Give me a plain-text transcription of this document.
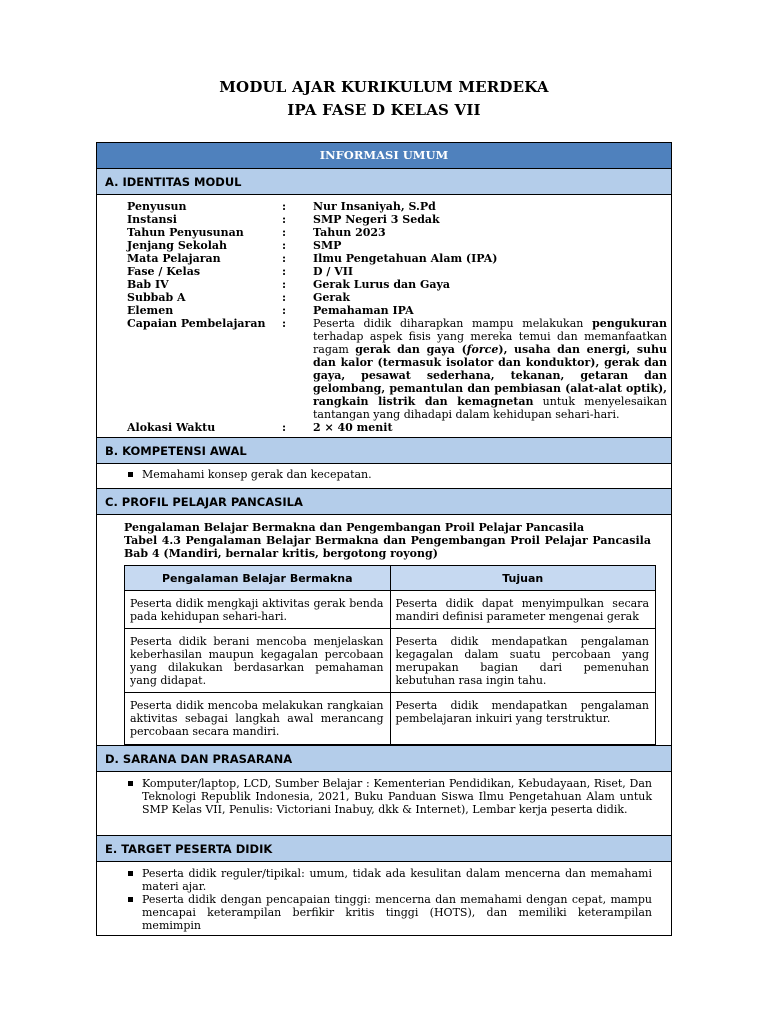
MODUL AJAR KURIKULUM MERDEKA
IPA FASE D KELAS VII
INFORMASI UMUM
A. IDENTITAS MODUL
Penyusun	: Nur Insaniyah, S.Pd
Instansi	: SMP Negeri 3 Sedak
Tahun Penyusunan	: Tahun 2023
Jenjang Sekolah	: SMP
Mata Pelajaran	: Ilmu Pengetahuan Alam (IPA)
Fase / Kelas	: D / VII
Bab IV	: Gerak Lurus dan Gaya
Subbab A	: Gerak
Elemen	: Pemahaman IPA
Capaian Pembelajaran : Peserta didik diharapkan mampu melakukan pengukuran terhadap aspek fisis yang mereka temui dan memanfaatkan ragam gerak dan gaya (force), usaha dan energi, suhu dan kalor (termasuk isolator dan konduktor), gerak dan gaya, pesawat sederhana, tekanan, getaran dan gelombang, pemantulan dan pembiasan (alat-alat optik), rangkain listrik dan kemagnetan untuk menyelesaikan tantangan yang dihadapi dalam kehidupan sehari-hari.
Alokasi Waktu	: 2 × 40 menit
B. KOMPETENSI AWAL
Memahami konsep gerak dan kecepatan.
C. PROFIL PELAJAR PANCASILA
Pengalaman Belajar Bermakna dan Pengembangan Proil Pelajar Pancasila
Tabel 4.3 Pengalaman Belajar Bermakna dan Pengembangan Proil Pelajar Pancasila Bab 4 (Mandiri, bernalar kritis, bergotong royong)
Pengalaman Belajar Bermakna	Tujuan
Peserta didik mengkaji aktivitas gerak benda pada kehidupan sehari-hari.	Peserta didik dapat menyimpulkan secara mandiri definisi parameter mengenai gerak
Peserta didik berani mencoba menjelaskan keberhasilan maupun kegagalan percobaan yang dilakukan berdasarkan pemahaman yang didapat.	Peserta didik mendapatkan pengalaman kegagalan dalam suatu percobaan yang merupakan bagian dari pemenuhan kebutuhan rasa ingin tahu.
Peserta didik mencoba melakukan rangkaian aktivitas sebagai langkah awal merancang percobaan secara mandiri.	Peserta didik mendapatkan pengalaman pembelajaran inkuiri yang terstruktur.
D. SARANA DAN PRASARANA
Komputer/laptop, LCD, Sumber Belajar : Kementerian Pendidikan, Kebudayaan, Riset, Dan Teknologi Republik Indonesia, 2021, Buku Panduan Siswa Ilmu Pengetahuan Alam untuk SMP Kelas VII, Penulis: Victoriani Inabuy, dkk & Internet), Lembar kerja peserta didik.
E. TARGET PESERTA DIDIK
Peserta didik reguler/tipikal: umum, tidak ada kesulitan dalam mencerna dan memahami materi ajar.
Peserta didik dengan pencapaian tinggi: mencerna dan memahami dengan cepat, mampu mencapai keterampilan berfikir kritis tinggi (HOTS), dan memiliki keterampilan memimpin
